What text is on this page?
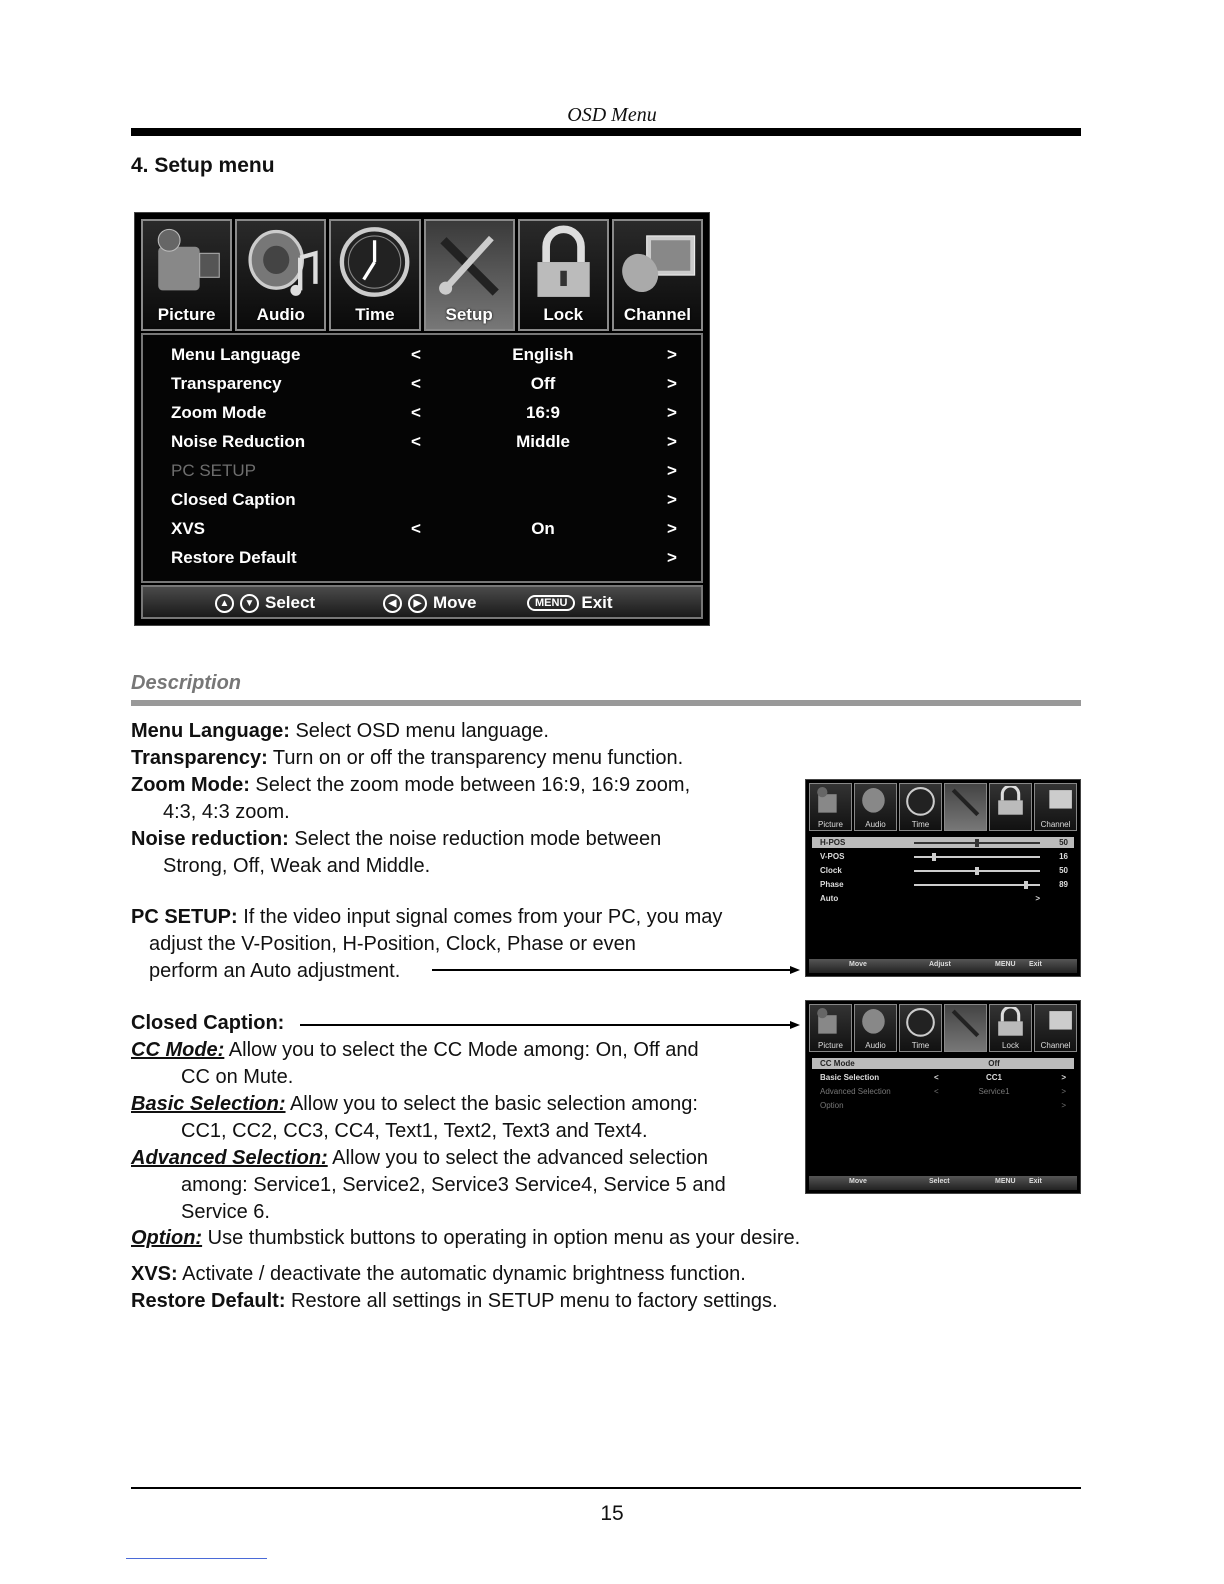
OSD Menu
4. Setup menu
Picture	Audio	Time	Setup	Lock	Channel
Menu Language	<	English	>
Transparency	<	Off	>
Zoom Mode	<	16:9	>
Noise Reduction	<	Middle	>
PC SETUP	>
Closed Caption	>
XVS	<	On	>
Restore Default	>
▲	▼ Select	◀	▶ Move	MENU Exit
Description
Menu Language: Select OSD menu language.
Transparency: Turn on or off the transparency menu function.
Zoom Mode: Select the zoom mode between 16:9, 16:9 zoom,
4:3, 4:3 zoom.
Noise reduction: Select the noise reduction mode between
Strong, Off, Weak and Middle.
PC SETUP: If the video input signal comes from your PC, you may
adjust the V-Position, H-Position, Clock, Phase or even
perform an Auto adjustment.
Closed Caption:
CC Mode: Allow you to select the CC Mode among: On, Off and
CC on Mute.
Basic Selection: Allow you to select the basic selection among:
CC1, CC2, CC3, CC4, Text1, Text2, Text3 and Text4.
Advanced Selection: Allow you to select the advanced selection
among: Service1, Service2, Service3 Service4, Service 5 and
Service 6.
Option: Use thumbstick buttons to operating in option menu as your desire.
XVS: Activate / deactivate the automatic dynamic brightness function.
Restore Default: Restore all settings in SETUP menu to factory settings.
Picture	Audio	Time	Channel
H-POS	50
V-POS	16
Clock	50
Phase	89
Auto	>
Move	Adjust	MENU Exit
Picture	Audio	Time	Lock	Channel
CC Mode	Off
Basic Selection	<	CC1	>
Advanced Selection	<	Service1	>
Option	>
Move	Select	MENU Exit
15
